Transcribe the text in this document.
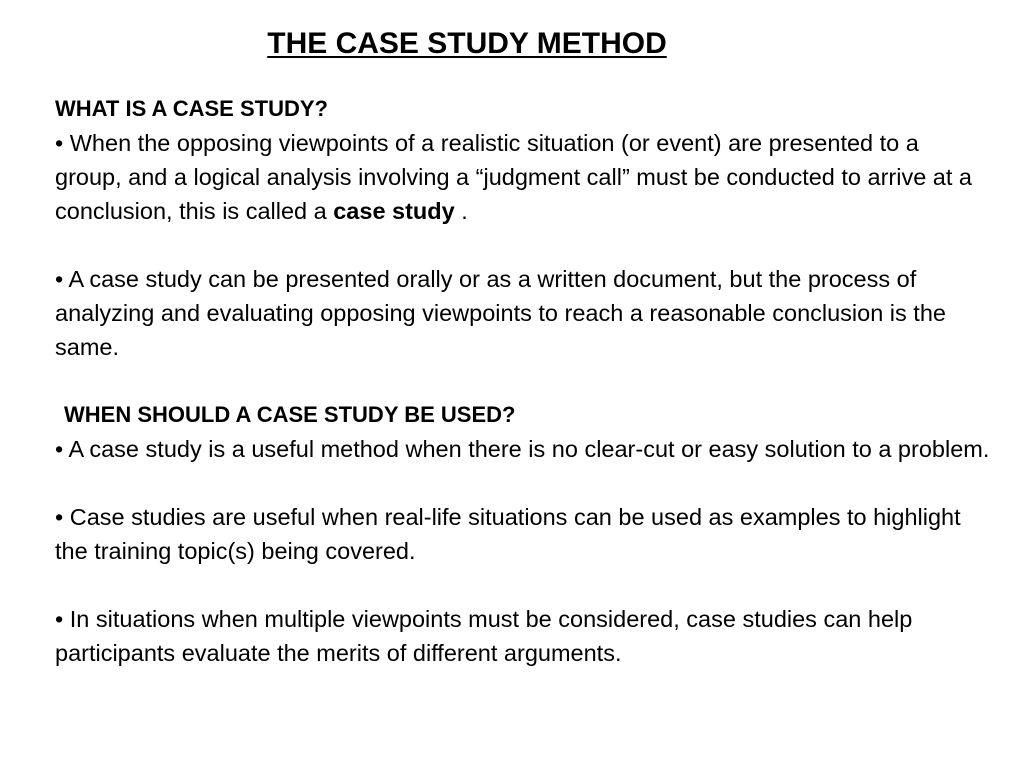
THE CASE STUDY METHOD

WHAT IS A CASE STUDY?

• When the opposing viewpoints of a realistic situation (or event) are presented to a group, and a logical analysis involving a “judgment call” must be conducted to arrive at a conclusion, this is called a case study .

• A case study can be presented orally or as a written document, but the process of analyzing and evaluating opposing viewpoints to reach a reasonable conclusion is the same.

WHEN SHOULD A CASE STUDY BE USED?

• A case study is a useful method when there is no clear-cut or easy solution to a problem.

• Case studies are useful when real-life situations can be used as examples to highlight the training topic(s) being covered.

• In situations when multiple viewpoints must be considered, case studies can help participants evaluate the merits of different arguments.
